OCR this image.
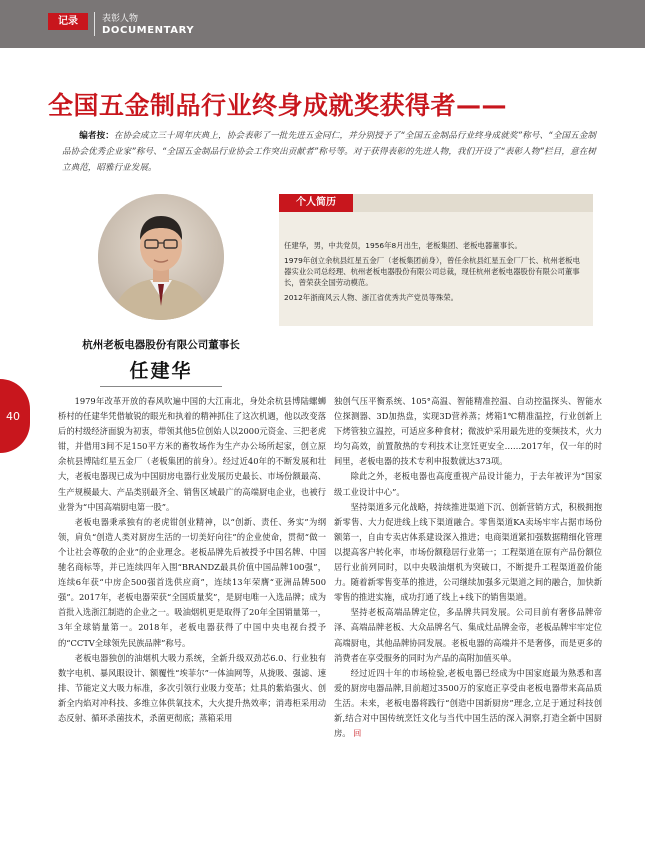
记录	表彰人物
DOCUMENTARY
全国五金制品行业终身成就奖获得者——
编者按：在协会成立三十周年庆典上，协会表彰了一批先进五金同仁，并分别授予了“全国五金制品行业终身成就奖”称号、“全国五金制品协会优秀企业家”称号、“全国五金制品行业协会工作突出贡献者”称号等。对于获得表彰的先进人物，我们开设了“表彰人物”栏目，意在树立典范，昭雅行业发展。
杭州老板电器股份有限公司董事长
任建华
个人简历

任建华，男，中共党员，1956年8月出生，老板集团、老板电器董事长。

1979年创立余杭县红星五金厂（老板集团前身），曾任余杭县红星五金厂厂长、杭州老板电器实业公司总经理、杭州老板电器股份有限公司总裁，现任杭州老板电器股份有限公司董事长，曾荣获全国劳动模范。

2012年浙商风云人物、浙江省优秀共产党员等殊荣。

40

1979年改革开放的春风吹遍中国的大江南北，身处余杭县博陆螺蛳桥村的任建华凭借敏锐的眼光和执着的精神抓住了这次机遇，他以改变落后的村级经济面貌为初衷，带领其他5位创始人以2000元资金、三把老虎钳，并借用3间不足150平方米的畜牧场作为生产办公场所起家，创立原余杭县博陆红星五金厂（老板集团的前身）。经过近40年的不断发展和壮大，老板电器现已成为中国厨房电器行业发展历史最长、市场份额最高、生产规模最大、产品类别最齐全、销售区域最广的高端厨电企业，也被行业誉为“中国高端厨电第一股”。

老板电器秉承独有的老虎钳创业精神，以“创新、责任、务实”为纲领，肩负“创造人类对厨房生活的一切美好向往”的企业使命，贯彻“做一个让社会尊敬的企业”的企业理念。老板品牌先后被授予中国名牌、中国驰名商标等，并已连续四年入围“BRANDZ最具价值中国品牌100强”，连续6年获“中房企500强首选供应商”，连续13年荣膺“亚洲品牌500强”。2017年，老板电器荣获“全国质量奖”，是厨电唯一入选品牌；成为首批入选浙江制造的企业之一。吸油烟机更是取得了20年全国销量第一，3年全球销量第一。2018年，老板电器获得了中国中央电视台授予的“CCTV全球领先民族品牌”称号。

老板电器独创的油烟机大吸力系统，全新升级双劲芯6.0、行业独有数字电机、暴风眼设计、额覆性“埃菲尔”一体油网等，从拢吸、强滤、速排、节能定义大吸力标准，多次引领行业吸力变革；灶具的紫焰强火、创新全内焰对冲科技、多维立体供氧技术，大火提升热效率；消毒柜采用动态反射、循环杀菌技术，杀菌更彻底；蒸箱采用

独创气压平衡系统、105°高温、智能精准控温、自动控温探头、智能水位探测器、3D加热盘，实现3D营养蒸；烤箱1℃精准温控，行业创新上下烤管独立温控，可适应多种食材；微波炉采用最先进的变频技术，火力均匀高效，前置散热的专利技术让烹饪更安全……2017年，仅一年的时间里，老板电器的技术专利申报数就达373项。

除此之外，老板电器也高度重视产品设计能力，于去年被评为“国家级工业设计中心”。

坚持渠道多元化战略，持续推进渠道下沉、创新营销方式，积极拥抱新零售、大力促进线上线下渠道融合。零售渠道KA卖场牢牢占据市场份额第一，自由专卖店体系建设深入推进；电商渠道紧扣强数据精细化管理以提高客户转化率，市场份额稳居行业第一；工程渠道在原有产品份额位居行业前列同时，以中央吸油烟机为突破口，不断提升工程渠道盈价能力。随着新零售变革的推进，公司继续加强多元渠道之间的融合，加快新零售的推进实施，成功打通了线上+线下的销售渠道。

坚持老板高端品牌定位，多品牌共同发展。公司目前有奢侈品牌帝泽、高端品牌老板、大众品牌名气、集成灶品牌金帝，老板品牌牢牢定位高端厨电，其他品牌协同发展。老板电器的高端并不是奢侈，而是更多的消费者在享受服务的同时为产品的高附加值买单。

经过近四十年的市场检验,老板电器已经成为中国家庭最为熟悉和喜爱的厨房电器品牌,目前超过3500万的家庭正享受由老板电器带来高品质生活。未来，老板电器将践行“创造中国新厨房”理念,立足于通过科技创新,结合对中国传统烹饪文化与当代中国生活的深入洞察,打造全新中国厨房。 回
